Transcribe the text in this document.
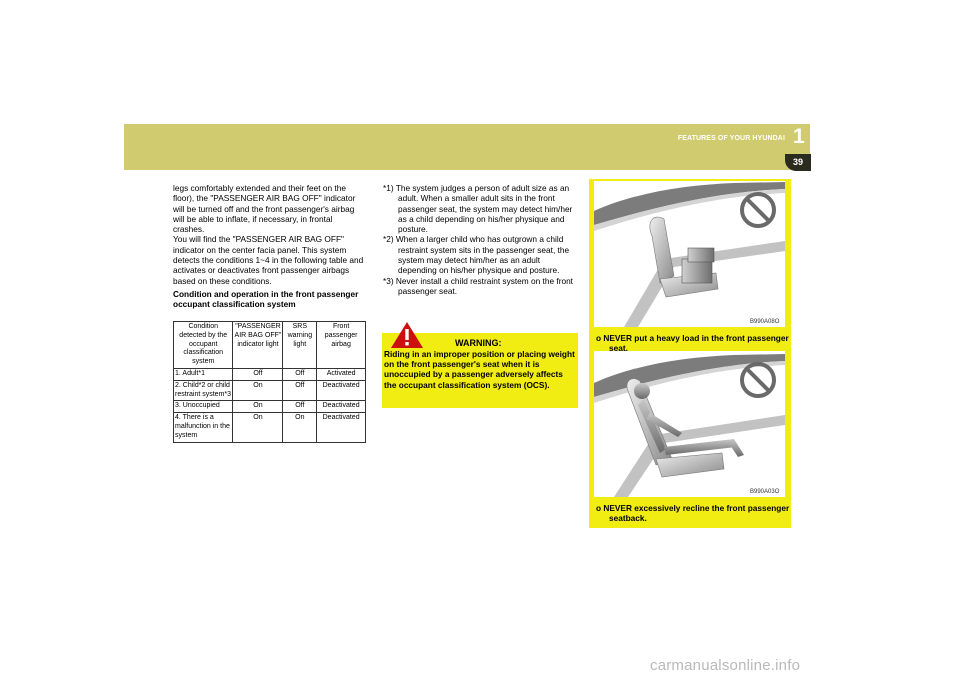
FEATURES OF YOUR HYUNDAI 1
39

legs comfortably extended and their feet on the floor), the "PASSENGER AIR BAG OFF" indicator will be turned off and the front passenger's airbag will be able to inflate, if necessary, in frontal crashes.

You will find the "PASSENGER AIR BAG OFF" indicator on the center facia panel. This system detects the conditions 1~4 in the following table and activates or deactivates front passenger airbags based on these conditions.

Condition and operation in the front passenger occupant classification system

Condition detected by the occupant classification system	"PASSENGER AIR BAG OFF" indicator light	SRS warning light	Front passenger airbag
1. Adult*1	Off	Off	Activated
2. Child*2 or child restraint system*3	On	Off	Deactivated
3. Unoccupied	On	Off	Deactivated
4. There is a malfunction in the system	On	On	Deactivated

*1) The system judges a person of adult size as an adult. When a smaller adult sits in the front passenger seat, the system may detect him/her as a child depending on his/her physique and posture.

*2) When a larger child who has outgrown a child restraint system sits in the passenger seat, the system may detect him/her as an adult depending on his/her physique and posture.

*3) Never install a child restraint system on the front passenger seat.

WARNING:
Riding in an improper position or placing weight on the front passenger's seat when it is unoccupied by a passenger adversely affects the occupant classification system (OCS).
B990A08O
B990A03O
o NEVER put a heavy load in the front passenger seat.
o NEVER excessively recline the front passenger seatback.
carmanualsonline.info
